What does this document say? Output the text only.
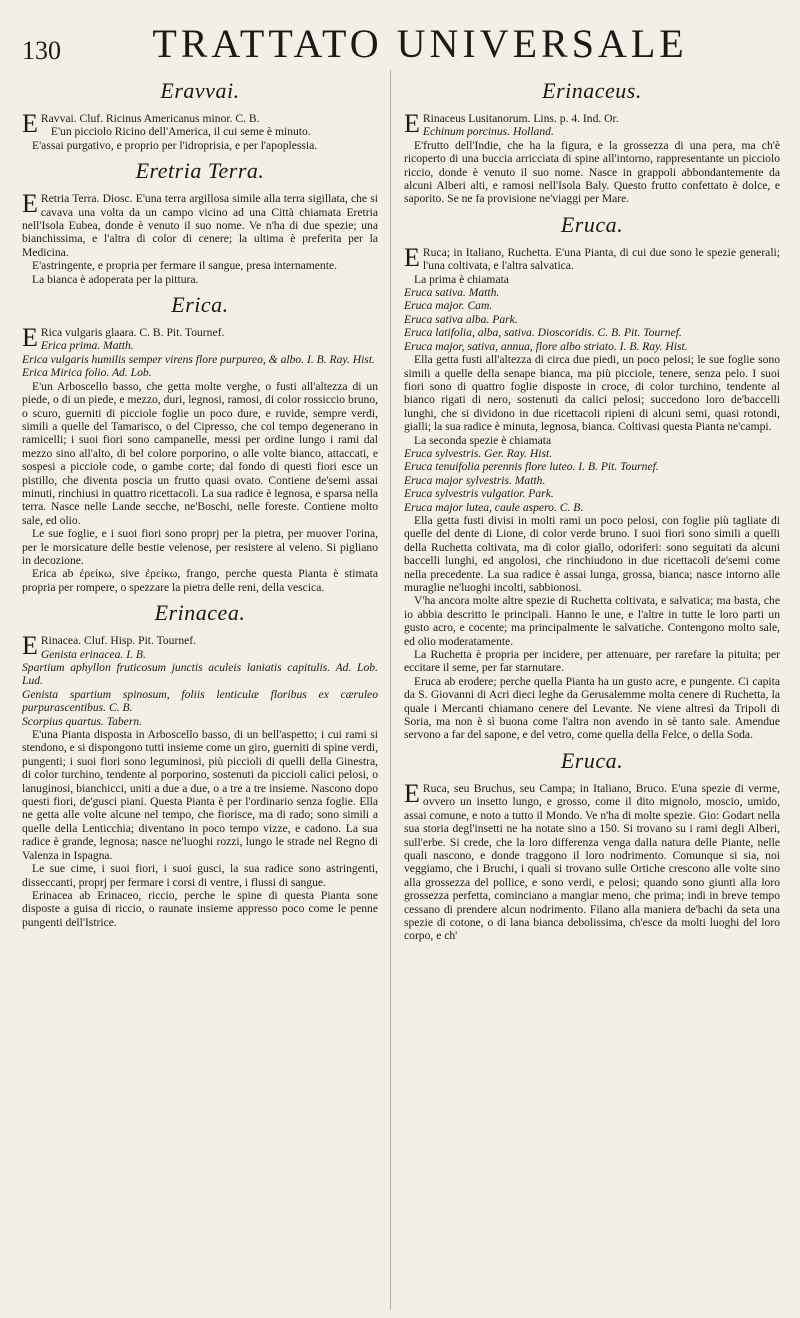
130	TRATTATO UNIVERSALE
Eravvai.

E Ravvai. Cluf. Ricinus Americanus minor. C. B.

E'un picciolo Ricino dell'America, il cui seme è minuto.

E'assai purgativo, e proprio per l'idroprisia, e per l'apoplessia.

Eretria Terra.

E Retria Terra. Diosc. E'una terra argillosa simile alla terra sigillata, che si cavava una volta da un campo vicino ad una Città chiamata Eretria nell'Isola Eubea, donde è venuto il suo nome. Ve n'ha di due spezie; una bianchissima, e l'altra di color di cenere; la ultima è preferita per la Medicina.

E'astringente, e propria per fermare il sangue, presa internamente.

La bianca è adoperata per la pittura.

Erica.

E Rica vulgaris glaara. C. B. Pit. Tournef.

Erica prima. Matth.

Erica vulgaris humilis semper virens flore purpureo, & albo. I. B. Ray. Hist.

Erica Mirica folio. Ad. Lob.

E'un Arboscello basso, che getta molte verghe, o fusti all'altezza di un piede, o di un piede, e mezzo, duri, legnosi, ramosi, di color rossiccio bruno, o scuro, guerniti di picciole foglie un poco dure, e ruvide, sempre verdi, simili a quelle del Tamarisco, o del Cipresso, che col tempo degenerano in ramicelli; i suoi fiori sono campanelle, messi per ordine lungo i rami dal mezzo sino all'alto, di bel colore porporino, o alle volte bianco, attaccati, e sospesi a picciole code, o gambe corte; dal fondo di questi fiori esce un pistillo, che diventa poscia un frutto quasi ovato. Contiene de'semi assai minuti, rinchiusi in quattro ricettacoli. La sua radice è legnosa, e sparsa nella terra. Nasce nelle Lande secche, ne'Boschi, nelle foreste. Contiene molto sale, ed olio.

Le sue foglie, e i suoi fiori sono proprj per la pietra, per muover l'orina, per le morsicature delle bestie velenose, per resistere al veleno. Si pigliano in decozione.

Erica ab ἐρείκω, sive ἐρείκω, frango, perche questa Pianta è stimata propria per rompere, o spezzare la pietra delle reni, della vescica.

Erinacea.

E Rinacea. Cluf. Hisp. Pit. Tournef.

Genista erinacea. I. B.

Spartium aphyllon fruticosum junctis aculeis laniatis capitulis. Ad. Lob. Lud.

Genista spartium spinosum, foliis lenticulæ floribus ex cæruleo purpurascentibus. C. B.

Scorpius quartus. Tabern.

E'una Pianta disposta in Arboscello basso, di un bell'aspetto; i cui rami si stendono, e si dispongono tutti insieme come un giro, guerniti di spine verdi, pungenti; i suoi fiori sono leguminosi, più piccioli di quelli della Ginestra, di color turchino, tendente al porporino, sostenuti da piccioli calici pelosi, o lanuginosi, bianchicci, uniti a due a due, o a tre a tre insieme. Nascono dopo questi fiori, de'gusci piani. Questa Pianta è per l'ordinario senza foglie. Ella ne getta alle volte alcune nel tempo, che fiorisce, ma di rado; sono simili a quelle della Lenticchia; diventano in poco tempo vizze, e cadono. La sua radice è grande, legnosa; nasce ne'luoghi rozzi, lungo le strade nel Regno di Valenza in Ispagna.

Le sue cime, i suoi fiori, i suoi gusci, la sua radice sono astringenti, disseccanti, proprj per fermare i corsi di ventre, i flussi di sangue.

Erinacea ab Erinaceo, riccio, perche le spine di questa Pianta sone disposte a guisa di riccio, o raunate insieme appresso poco come le penne pungenti dell'Istrice.

Erinaceus.

E Rinaceus Lusitanorum. Lins. p. 4. Ind. Or.

Echinum porcinus. Holland.

E'frutto dell'Indie, che ha la figura, e la grossezza di una pera, ma ch'è ricoperto di una buccia arricciata di spine all'intorno, rappresentante un picciolo riccio, donde è venuto il suo nome. Nasce in grappoli abbondantemente da alcuni Alberi alti, e ramosi nell'Isola Baly. Questo frutto confettato è dolce, e saporito. Se ne fa provisione ne'viaggi per Mare.

Eruca.

E Ruca; in Italiano, Ruchetta. E'una Pianta, di cui due sono le spezie generali; l'una coltivata, e l'altra salvatica.

La prima è chiamata

Eruca sativa. Matth.

Eruca major. Cam.

Eruca sativa alba. Park.

Eruca latifolia, alba, sativa. Dioscoridis. C. B. Pit. Tournef.

Eruca major, sativa, annua, flore albo striato. I. B. Ray. Hist.

Ella getta fusti all'altezza di circa due piedi, un poco pelosi; le sue foglie sono simili a quelle della senape bianca, ma più picciole, tenere, senza pelo. I suoi fiori sono di quattro foglie disposte in croce, di color turchino, tendente al bianco rigati di nero, sostenuti da calici pelosi; succedono loro de'baccelli lunghi, che si dividono in due ricettacoli ripieni di alcuni semi, quasi rotondi, gialli; la sua radice è minuta, legnosa, bianca. Coltivasi questa Pianta ne'campi.

La seconda spezie è chiamata

Eruca sylvestris. Ger. Ray. Hist.

Eruca tenuifolia perennis flore luteo. I. B. Pit. Tournef.

Eruca major sylvestris. Matth.

Eruca sylvestris vulgatior. Park.

Eruca major lutea, caule aspero. C. B.

Ella getta fusti divisi in molti rami un poco pelosi, con foglie più tagliate di quelle del dente di Lione, di color verde bruno. I suoi fiori sono simili a quelli della Ruchetta coltivata, ma di color giallo, odoriferi: sono seguitati da alcuni baccelli lunghi, ed angolosi, che rinchiudono in due ricettacoli de'semi come nella precedente. La sua radice è assai lunga, grossa, bianca; nasce intorno alle muraglie ne'luoghi incolti, sabbionosi.

V'ha ancora molte altre spezie di Ruchetta coltivata, e salvatica; ma basta, che io abbia descritto le principali. Hanno le une, e l'altre in tutte le loro parti un gusto acro, e cocente; ma principalmente le salvatiche. Contengono molto sale, ed olio moderatamente.

La Ruchetta è propria per incidere, per attenuare, per rarefare la pituita; per eccitare il seme, per far starnutare.

Eruca ab erodere; perche quella Pianta ha un gusto acre, e pungente. Ci capita da S. Giovanni di Acri dieci leghe da Gerusalemme molta cenere di Ruchetta, la quale i Mercanti chiamano cenere del Levante. Ne viene altresì da Tripoli di Soria, ma non è sì buona come l'altra non avendo in sè tanto sale. Amendue servono a far del sapone, e del vetro, come quella della Felce, o della Soda.

Eruca.

E Ruca, seu Bruchus, seu Campa; in Italiano, Bruco. E'una spezie di verme, ovvero un insetto lungo, e grosso, come il dito mignolo, moscio, umido, assai comune, e noto a tutto il Mondo. Ve n'ha di molte spezie. Gio: Godart nella sua storia degl'insetti ne ha notate sino a 150. Si trovano su i rami degli Alberi, sull'erbe. Si crede, che la loro differenza venga dalla natura delle Piante, nelle quali nascono, e donde traggono il loro nodrimento. Comunque si sia, noi veggiamo, che i Bruchi, i quali si trovano sulle Ortiche crescono alle volte sino alla grossezza del pollice, e sono verdi, e pelosi; quando sono giunti alla loro grossezza perfetta, cominciano a mangiar meno, che prima; indi in breve tempo cessano di prendere alcun nodrimento. Filano alla maniera de'bachi da seta una spezie di cotone, o di lana bianca debolissima, ch'esce da molti luoghi del loro corpo, e ch'
